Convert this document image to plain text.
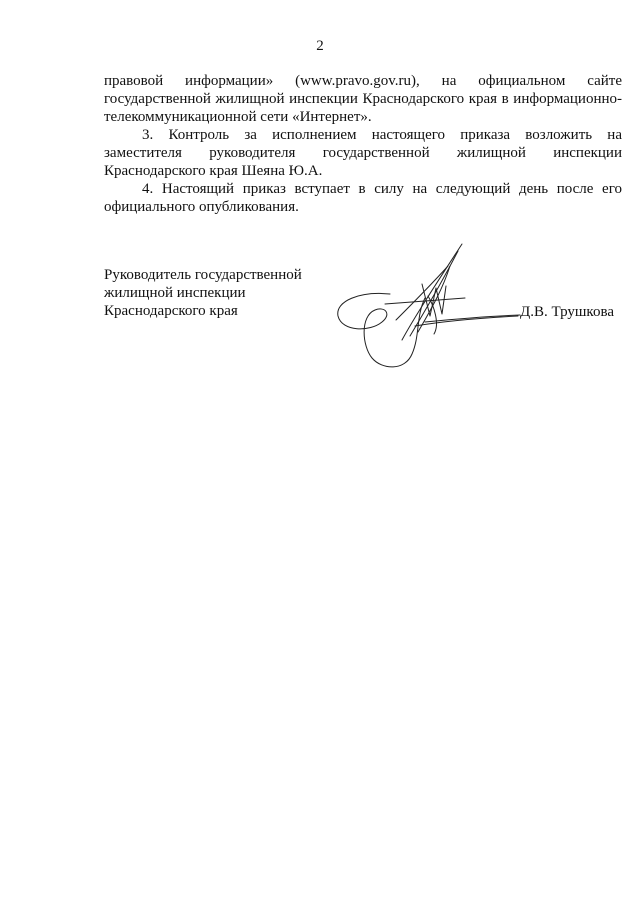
2

правовой информации» (www.pravo.gov.ru), на официальном сайте государственной жилищной инспекции Краснодарского края в информационно-телекоммуникационной сети «Интернет».

3. Контроль за исполнением настоящего приказа возложить на заместителя руководителя государственной жилищной инспекции Краснодарского края Шеяна Ю.А.

4. Настоящий приказ вступает в силу на следующий день после его официального опубликования.

Руководитель государственной
жилищной инспекции
Краснодарского края	Д.В. Трушкова
